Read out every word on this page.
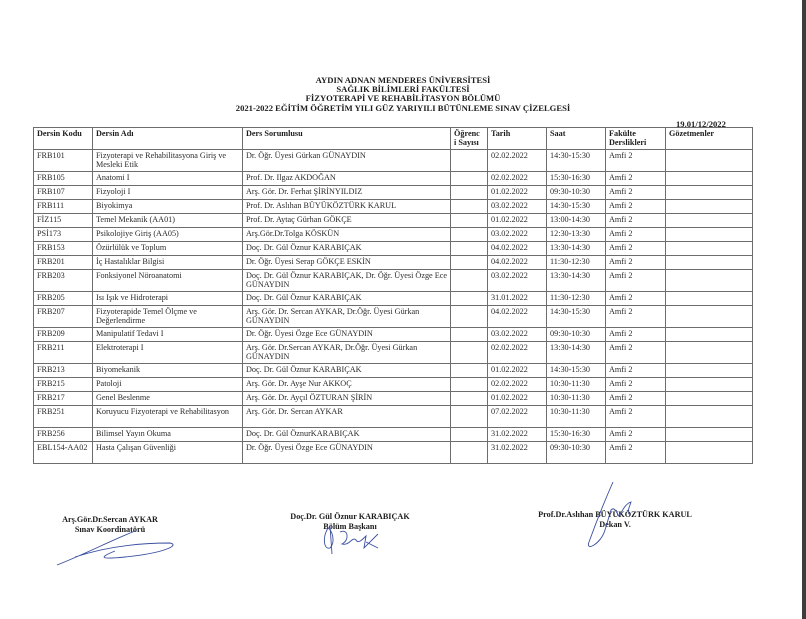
AYDIN ADNAN MENDERES ÜNİVERSİTESİ
SAĞLIK BİLİMLERİ FAKÜLTESİ
FİZYOTERAPİ VE REHABİLİTASYON BÖLÜMÜ
2021-2022 EĞİTİM ÖĞRETİM YILI GÜZ YARIYILI BÜTÜNLEME SINAV ÇİZELGESİ
19.01/12/2022
Dersin Kodu	Dersin Adı	Ders Sorumlusu	Öğrenc i Sayısı	Tarih	Saat	Fakülte Derslikleri	Gözetmenler
FRB101	Fizyoterapi ve Rehabilitasyona Giriş ve Mesleki Etik	Dr. Öğr. Üyesi Gürkan GÜNAYDIN		02.02.2022	14:30-15:30	Amfi 2	
FRB105	Anatomi I	Prof. Dr. Ilgaz AKDOĞAN		02.02.2022	15:30-16:30	Amfi 2	
FRB107	Fizyoloji I	Arş. Gör. Dr. Ferhat ŞİRİNYILDIZ		01.02.2022	09:30-10:30	Amfi 2	
FRB111	Biyokimya	Prof. Dr. Aslıhan BÜYÜKÖZTÜRK KARUL		03.02.2022	14:30-15:30	Amfi 2	
FİZ115	Temel Mekanik (AA01)	Prof. Dr. Aytaç Gürhan GÖKÇE		01.02.2022	13:00-14:30	Amfi 2	
PSİ173	Psikolojiye Giriş (AA05)	Arş.Gör.Dr.Tolga KÖSKÜN		03.02.2022	12:30-13:30	Amfi 2	
FRB153	Özürlülük ve Toplum	Doç. Dr. Gül Öznur KARABIÇAK		04.02.2022	13:30-14:30	Amfi 2	
FRB201	İç Hastalıklar Bilgisi	Dr. Öğr. Üyesi Serap GÖKÇE ESKİN		04.02.2022	11:30-12:30	Amfi 2	
FRB203	Fonksiyonel Nöroanatomi	Doç. Dr. Gül Öznur KARABIÇAK, Dr. Öğr. Üyesi Özge Ece GÜNAYDIN		03.02.2022	13:30-14:30	Amfi 2	
FRB205	Isı Işık ve Hidroterapi	Doç. Dr. Gül Öznur KARABIÇAK		31.01.2022	11:30-12:30	Amfi 2	
FRB207	Fizyoterapide Temel Ölçme ve Değerlendirme	Arş. Gör. Dr. Sercan AYKAR, Dr.Öğr. Üyesi Gürkan GÜNAYDIN		04.02.2022	14:30-15:30	Amfi 2	
FRB209	Manipulatif Tedavi I	Dr. Öğr. Üyesi Özge Ece GÜNAYDIN		03.02.2022	09:30-10:30	Amfi 2	
FRB211	Elektroterapi I	Arş. Gör. Dr.Sercan AYKAR, Dr.Öğr. Üyesi Gürkan GÜNAYDIN		02.02.2022	13:30-14:30	Amfi 2	
FRB213	Biyomekanik	Doç. Dr. Gül Öznur KARABIÇAK		01.02.2022	14:30-15:30	Amfi 2	
FRB215	Patoloji	Arş. Gör. Dr. Ayşe Nur AKKOÇ		02.02.2022	10:30-11:30	Amfi 2	
FRB217	Genel Beslenme	Arş. Gör. Dr. Ayçıl ÖZTURAN ŞİRİN		01.02.2022	10:30-11:30	Amfi 2	
FRB251	Koruyucu Fizyoterapi ve Rehabilitasyon	Arş. Gör. Dr. Sercan AYKAR		07.02.2022	10:30-11:30	Amfi 2	
FRB256	Bilimsel Yayın Okuma	Doç. Dr. Gül ÖznurKARABIÇAK		31.02.2022	15:30-16:30	Amfi 2	
EBL154-AA02	Hasta Çalışan Güvenliği	Dr. Öğr. Üyesi Özge Ece GÜNAYDIN		31.02.2022	09:30-10:30	Amfi 2	
Arş.Gör.Dr.Sercan AYKAR
Sınav Koordinatörü
Doç.Dr. Gül Öznur KARABIÇAK
Bölüm Başkanı
Prof.Dr.Aslıhan BÜYÜKÖZTÜRK KARUL
Dekan V.
